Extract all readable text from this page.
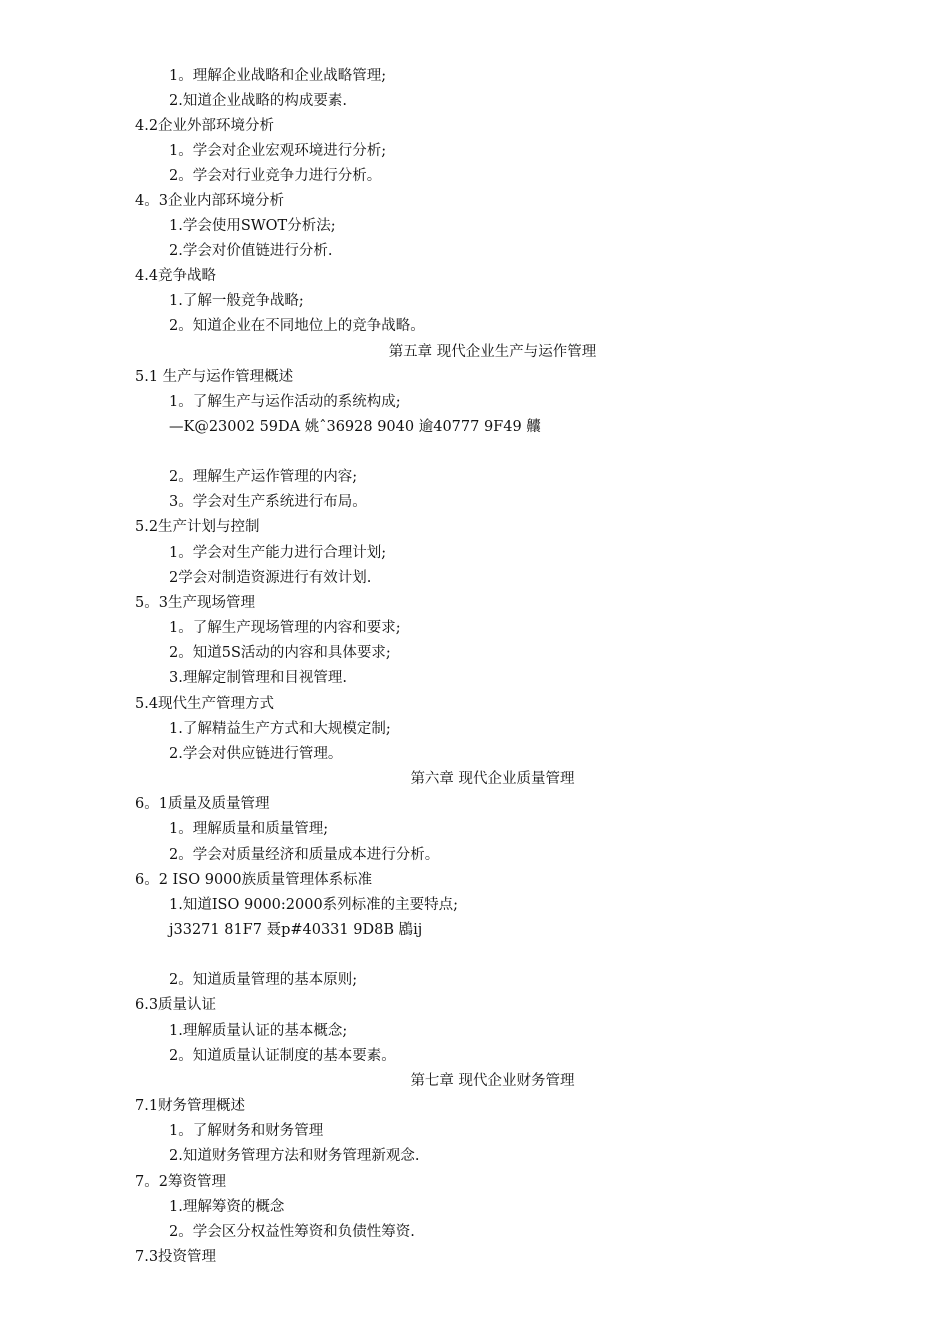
1。理解企业战略和企业战略管理;
2.知道企业战略的构成要素.
4.2企业外部环境分析
1。学会对企业宏观环境进行分析;
2。学会对行业竞争力进行分析。
4。3企业内部环境分析
1.学会使用SWOT分析法;
2.学会对价值链进行分析.
4.4竞争战略
1.了解一般竞争战略;
2。知道企业在不同地位上的竞争战略。
第五章 现代企业生产与运作管理
5.1 生产与运作管理概述
1。了解生产与运作活动的系统构成;
—K@23002 59DA 姚ˆ36928 9040 逾40777 9F49 齉
2。理解生产运作管理的内容;
3。学会对生产系统进行布局。
5.2生产计划与控制
1。学会对生产能力进行合理计划;
2学会对制造资源进行有效计划.
5。3生产现场管理
1。了解生产现场管理的内容和要求;
2。知道5S活动的内容和具体要求;
3.理解定制管理和目视管理.
5.4现代生产管理方式
1.了解精益生产方式和大规模定制;
2.学会对供应链进行管理。
第六章 现代企业质量管理
6。1质量及质量管理
1。理解质量和质量管理;
2。学会对质量经济和质量成本进行分析。
6。2 ISO 9000族质量管理体系标准
1.知道ISO 9000:2000系列标准的主要特点;
j33271 81F7 聂p#40331 9D8B 鶋ij
2。知道质量管理的基本原则;
6.3质量认证
1.理解质量认证的基本概念;
2。知道质量认证制度的基本要素。
第七章 现代企业财务管理
7.1财务管理概述
1。了解财务和财务管理
2.知道财务管理方法和财务管理新观念.
7。2筹资管理
1.理解筹资的概念
2。学会区分权益性筹资和负债性筹资.
7.3投资管理
